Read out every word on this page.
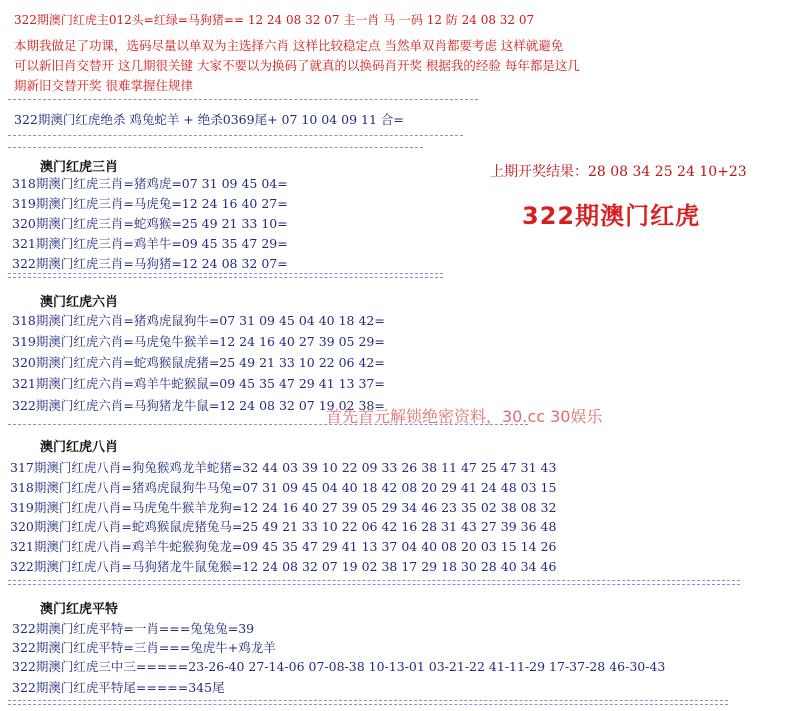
322期澳门红虎主012头=红绿=马狗猪== 12 24 08 32 07 主一肖 马 一码 12 防 24 08 32 07
本期我做足了功课，选码尽量以单双为主选择六肖 这样比较稳定点 当然单双肖都要考虑 这样就避免
可以新旧肖交替开 这几期很关键 大家不要以为换码了就真的以换码肖开奖 根据我的经验 每年都是这几
期新旧交替开奖 很难掌握住规律
322期澳门红虎绝杀 鸡兔蛇羊 + 绝杀0369尾+ 07 10 04 09 11 合=
上期开奖结果：28 08 34 25 24 10+23
322期澳门红虎
澳门红虎三肖
318期澳门红虎三肖=猪鸡虎=07 31 09 45 04=
319期澳门红虎三肖=马虎兔=12 24 16 40 27=
320期澳门红虎三肖=蛇鸡猴=25 49 21 33 10=
321期澳门红虎三肖=鸡羊牛=09 45 35 47 29=
322期澳门红虎三肖=马狗猪=12 24 08 32 07=
澳门红虎六肖
318期澳门红虎六肖=猪鸡虎鼠狗牛=07 31 09 45 04 40 18 42=
319期澳门红虎六肖=马虎兔牛猴羊=12 24 16 40 27 39 05 29=
320期澳门红虎六肖=蛇鸡猴鼠虎猪=25 49 21 33 10 22 06 42=
321期澳门红虎六肖=鸡羊牛蛇猴鼠=09 45 35 47 29 41 13 37=
322期澳门红虎六肖=马狗猪龙牛鼠=12 24 08 32 07 19 02 38=
首先首元解锁绝密资料，30.cc 30娱乐
澳门红虎八肖
317期澳门红虎八肖=狗兔猴鸡龙羊蛇猪=32 44 03 39 10 22 09 33 26 38 11 47 25 47 31 43
318期澳门红虎八肖=猪鸡虎鼠狗牛马兔=07 31 09 45 04 40 18 42 08 20 29 41 24 48 03 15
319期澳门红虎八肖=马虎兔牛猴羊龙狗=12 24 16 40 27 39 05 29 34 46 23 35 02 38 08 32
320期澳门红虎八肖=蛇鸡猴鼠虎猪兔马=25 49 21 33 10 22 06 42 16 28 31 43 27 39 36 48
321期澳门红虎八肖=鸡羊牛蛇猴狗兔龙=09 45 35 47 29 41 13 37 04 40 08 20 03 15 14 26
322期澳门红虎八肖=马狗猪龙牛鼠兔猴=12 24 08 32 07 19 02 38 17 29 18 30 28 40 34 46
澳门红虎平特
322期澳门红虎平特=一肖===兔兔兔=39
322期澳门红虎平特=三肖===兔虎牛+鸡龙羊
322期澳门红虎三中三=====23-26-40 27-14-06 07-08-38 10-13-01 03-21-22 41-11-29 17-37-28 46-30-43
322期澳门红虎平特尾=====345尾
